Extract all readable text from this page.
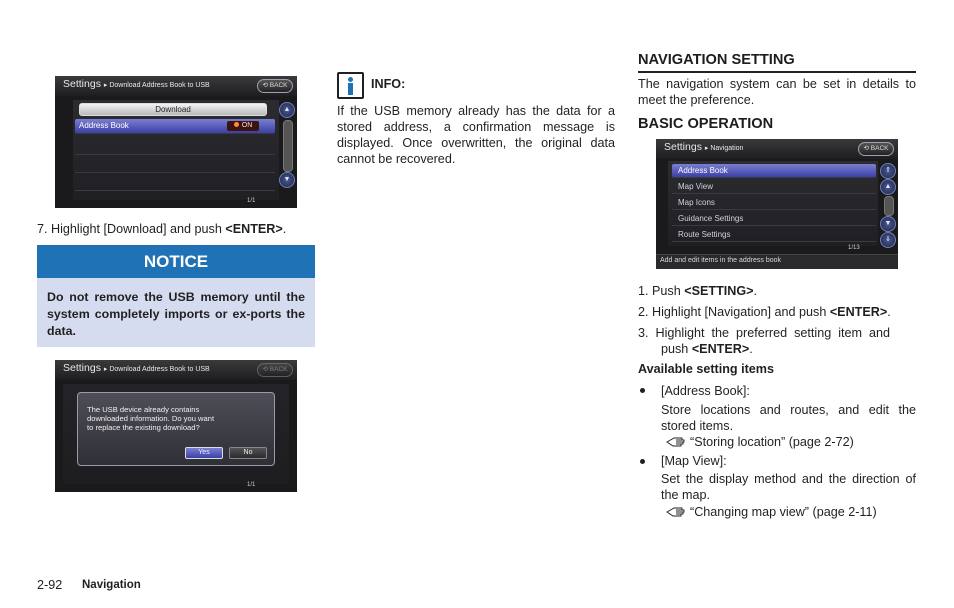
Settings ▸ Download Address Book to USB	⟲ BACK
Download
Address Book	ON
▲
▼
1/1
7. Highlight [Download] and push <ENTER>.
NOTICE

Do not remove the USB memory until the system completely imports or ex-ports the data.

Settings ▸ Download Address Book to USB	⟲ BACK
The USB device already contains
downloaded information. Do you want
to replace the existing download?
Yes	No
1/1
INFO:
If the USB memory already has the data for a stored address, a confirmation message is displayed. Once overwritten, the original data cannot be recovered.
NAVIGATION SETTING
The navigation system can be set in details to meet the preference.
BASIC OPERATION
Settings ▸ Navigation	⟲ BACK
Address Book
Map View
Map Icons
Guidance Settings
Route Settings
⇑
▲
▼
⇓
1/13
Add and edit items in the address book
1. Push <SETTING>.
2. Highlight [Navigation] and push <ENTER>.
3.  Highlight  the  preferred  setting  item  and
push <ENTER>.
Available setting items
[Address Book]:
Store locations and routes, and edit the stored items.
“Storing location” (page 2-72)
[Map View]:
Set the display method and the direction of the map.
“Changing map view” (page 2-11)
2-92 Navigation
